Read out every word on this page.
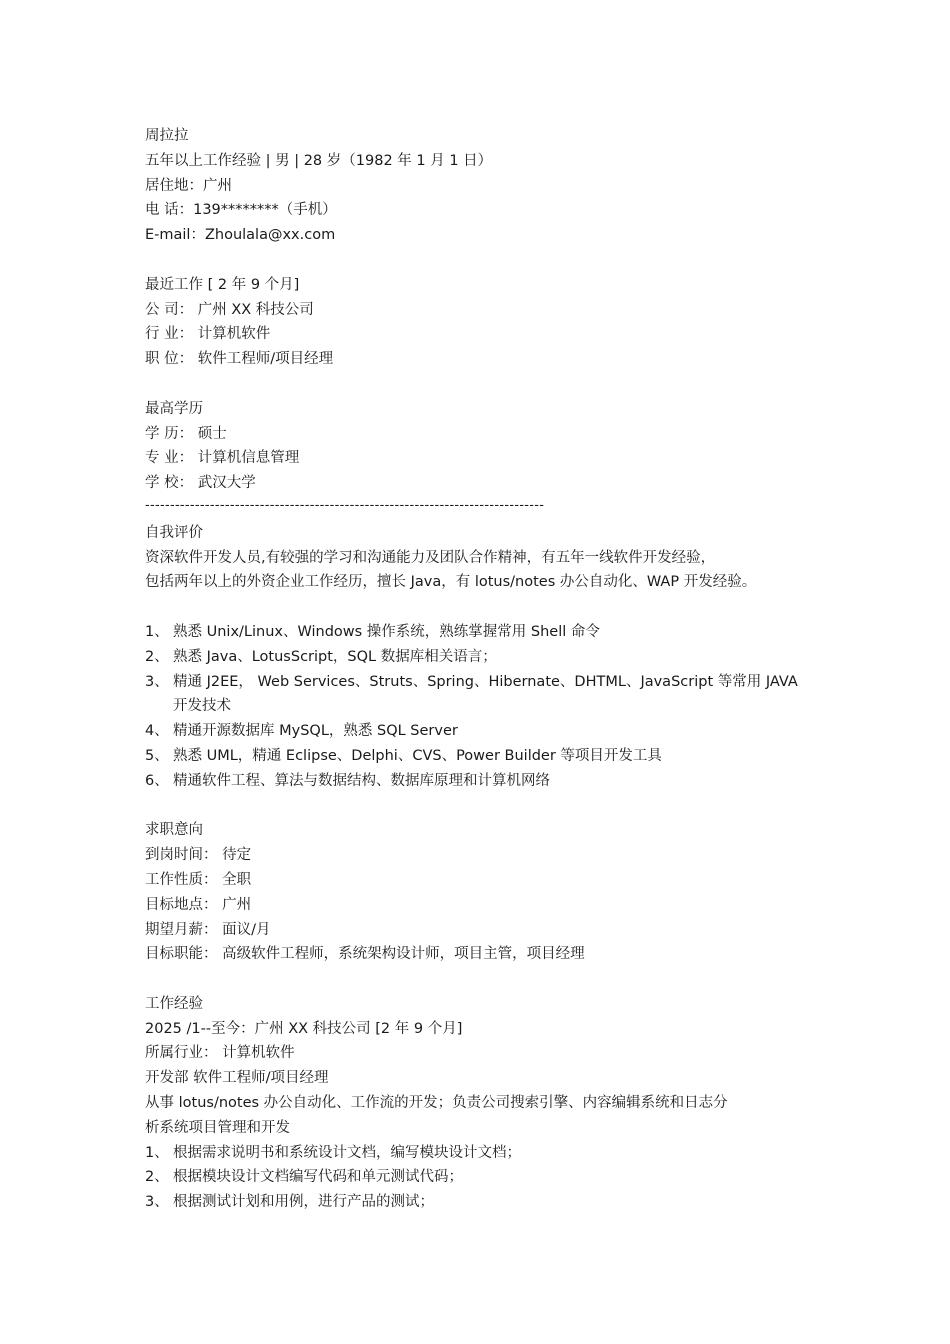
周拉拉
五年以上工作经验 | 男 | 28 岁（1982 年 1 月 1 日）
居住地：广州
电 话：139********（手机）
E-mail：Zhoulala@xx.com
最近工作 [ 2 年 9 个月]
公 司： 广州 XX 科技公司
行 业： 计算机软件
职 位： 软件工程师/项目经理
最高学历
学 历： 硕士
专 业： 计算机信息管理
学 校： 武汉大学
--------------------------------------------------------------------------------
自我评价
资深软件开发人员,有较强的学习和沟通能力及团队合作精神，有五年一线软件开发经验，
包括两年以上的外资企业工作经历，擅长 Java，有 lotus/notes 办公自动化、WAP 开发经验。
1、 熟悉 Unix/Linux、Windows 操作系统，熟练掌握常用 Shell 命令
2、 熟悉 Java、LotusScript，SQL 数据库相关语言；
3、 精通 J2EE， Web Services、Struts、Spring、Hibernate、DHTML、JavaScript 等常用 JAVA 开发技术
4、 精通开源数据库 MySQL，熟悉 SQL Server
5、 熟悉 UML，精通 Eclipse、Delphi、CVS、Power Builder 等项目开发工具
6、 精通软件工程、算法与数据结构、数据库原理和计算机网络
求职意向
到岗时间： 待定
工作性质： 全职
目标地点： 广州
期望月薪： 面议/月
目标职能： 高级软件工程师，系统架构设计师，项目主管，项目经理
工作经验
2025 /1--至今：广州 XX 科技公司 [2 年 9 个月]
所属行业： 计算机软件
开发部 软件工程师/项目经理
从事 lotus/notes 办公自动化、工作流的开发；负责公司搜索引擎、内容编辑系统和日志分
析系统项目管理和开发
1、 根据需求说明书和系统设计文档，编写模块设计文档；
2、 根据模块设计文档编写代码和单元测试代码；
3、 根据测试计划和用例，进行产品的测试；
